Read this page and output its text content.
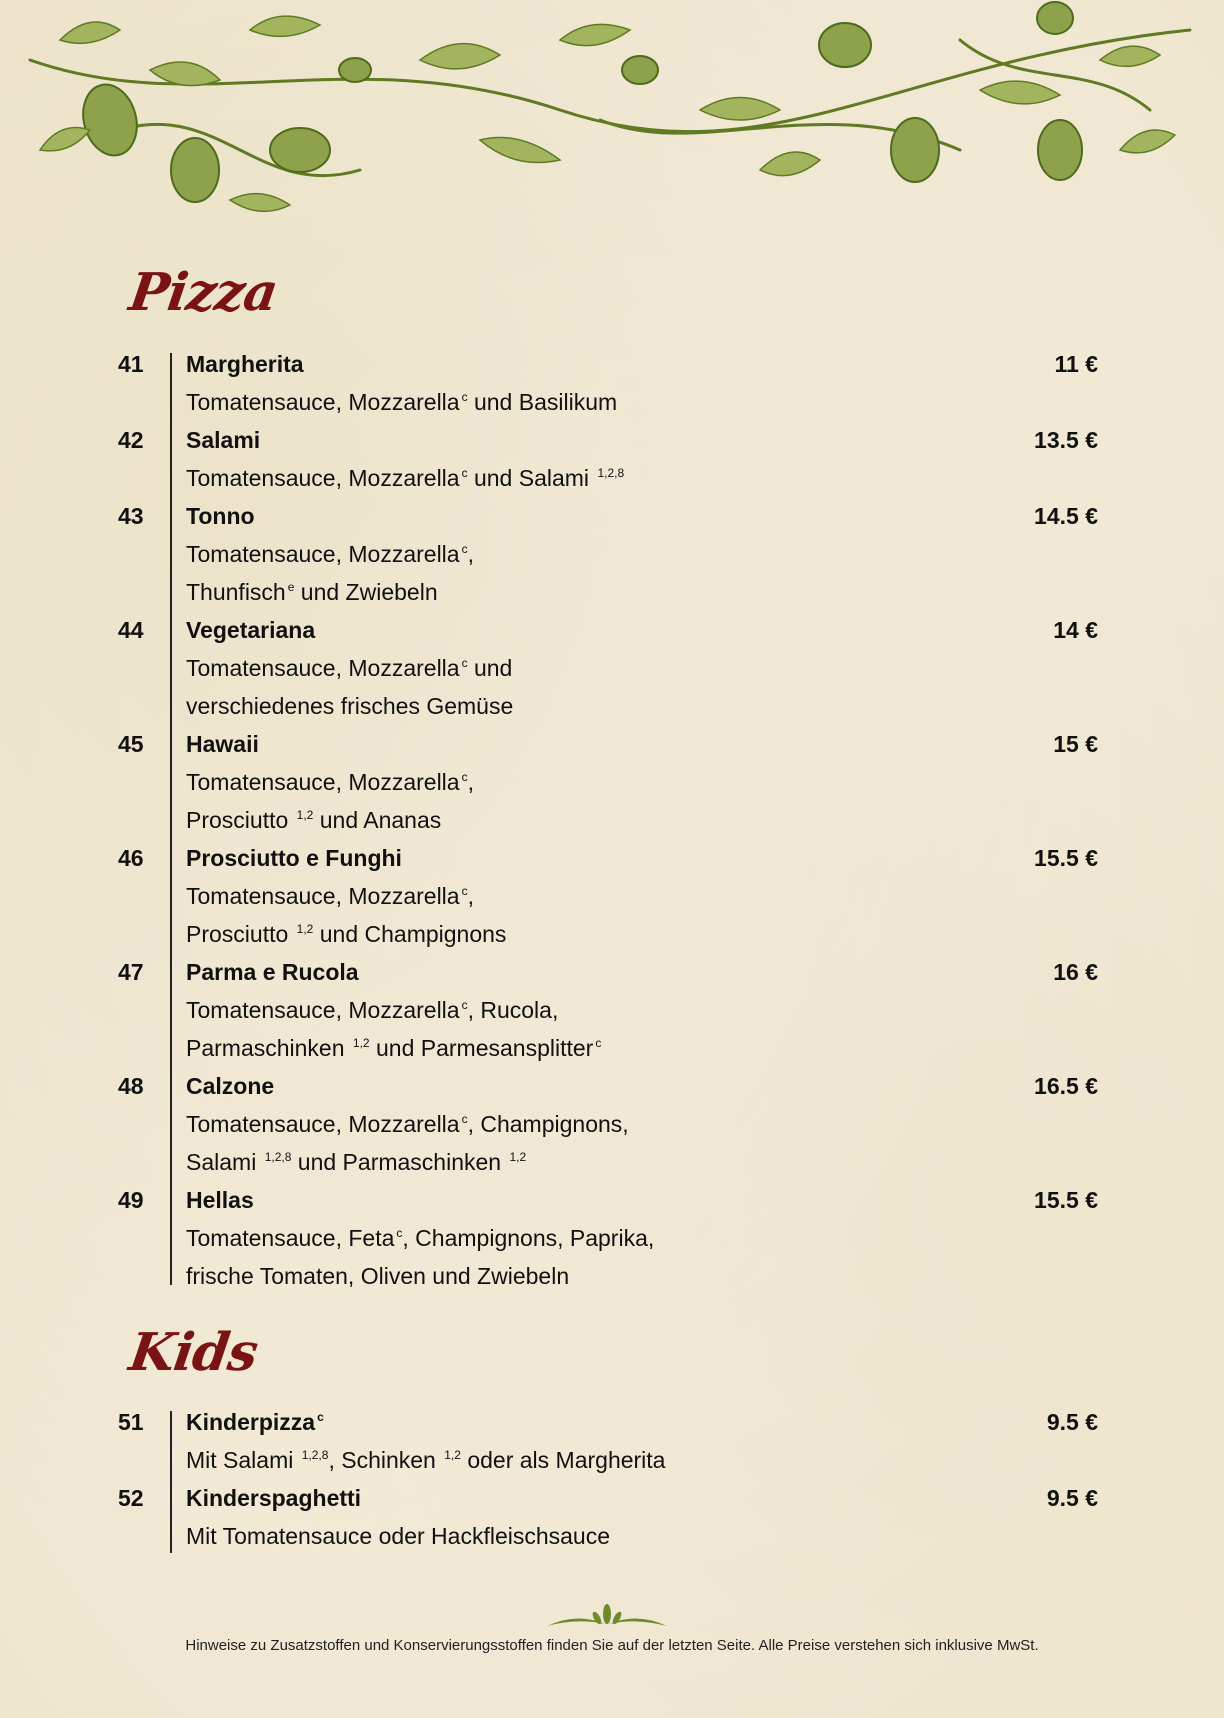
Pizza
41	Margherita	11 €
Tomatensauce, Mozzarella $^c$ und Basilikum
42	Salami	13.5 €
Tomatensauce, Mozzarella $^c$ und Salami $^{1,2,8}$
43	Tonno	14.5 €
Tomatensauce, Mozzarella $^c$,
Thunfisch $^e$ und Zwiebeln
44	Vegetariana	14 €
Tomatensauce, Mozzarella $^c$ und
verschiedenes frisches Gemüse
45	Hawaii	15 €
Tomatensauce, Mozzarella $^c$,
Prosciutto $^{1,2}$ und Ananas
46	Prosciutto e Funghi	15.5 €
Tomatensauce, Mozzarella $^c$,
Prosciutto $^{1,2}$ und Champignons
47	Parma e Rucola	16 €
Tomatensauce, Mozzarella $^c$, Rucola,
Parmaschinken $^{1,2}$ und Parmesansplitter $^c$
48	Calzone	16.5 €
Tomatensauce, Mozzarella $^c$, Champignons,
Salami $^{1,2,8}$ und Parmaschinken $^{1,2}$
49	Hellas	15.5 €
Tomatensauce, Feta $^c$, Champignons, Paprika,
frische Tomaten, Oliven und Zwiebeln
Kids
51	Kinderpizza $^c$	9.5 €
Mit Salami $^{1,2,8}$, Schinken $^{1,2}$ oder als Margherita
52	Kinderspaghetti	9.5 €
Mit Tomatensauce oder Hackfleischsauce
Hinweise zu Zusatzstoffen und Konservierungsstoffen finden Sie auf der letzten Seite. Alle Preise verstehen sich inklusive MwSt.
